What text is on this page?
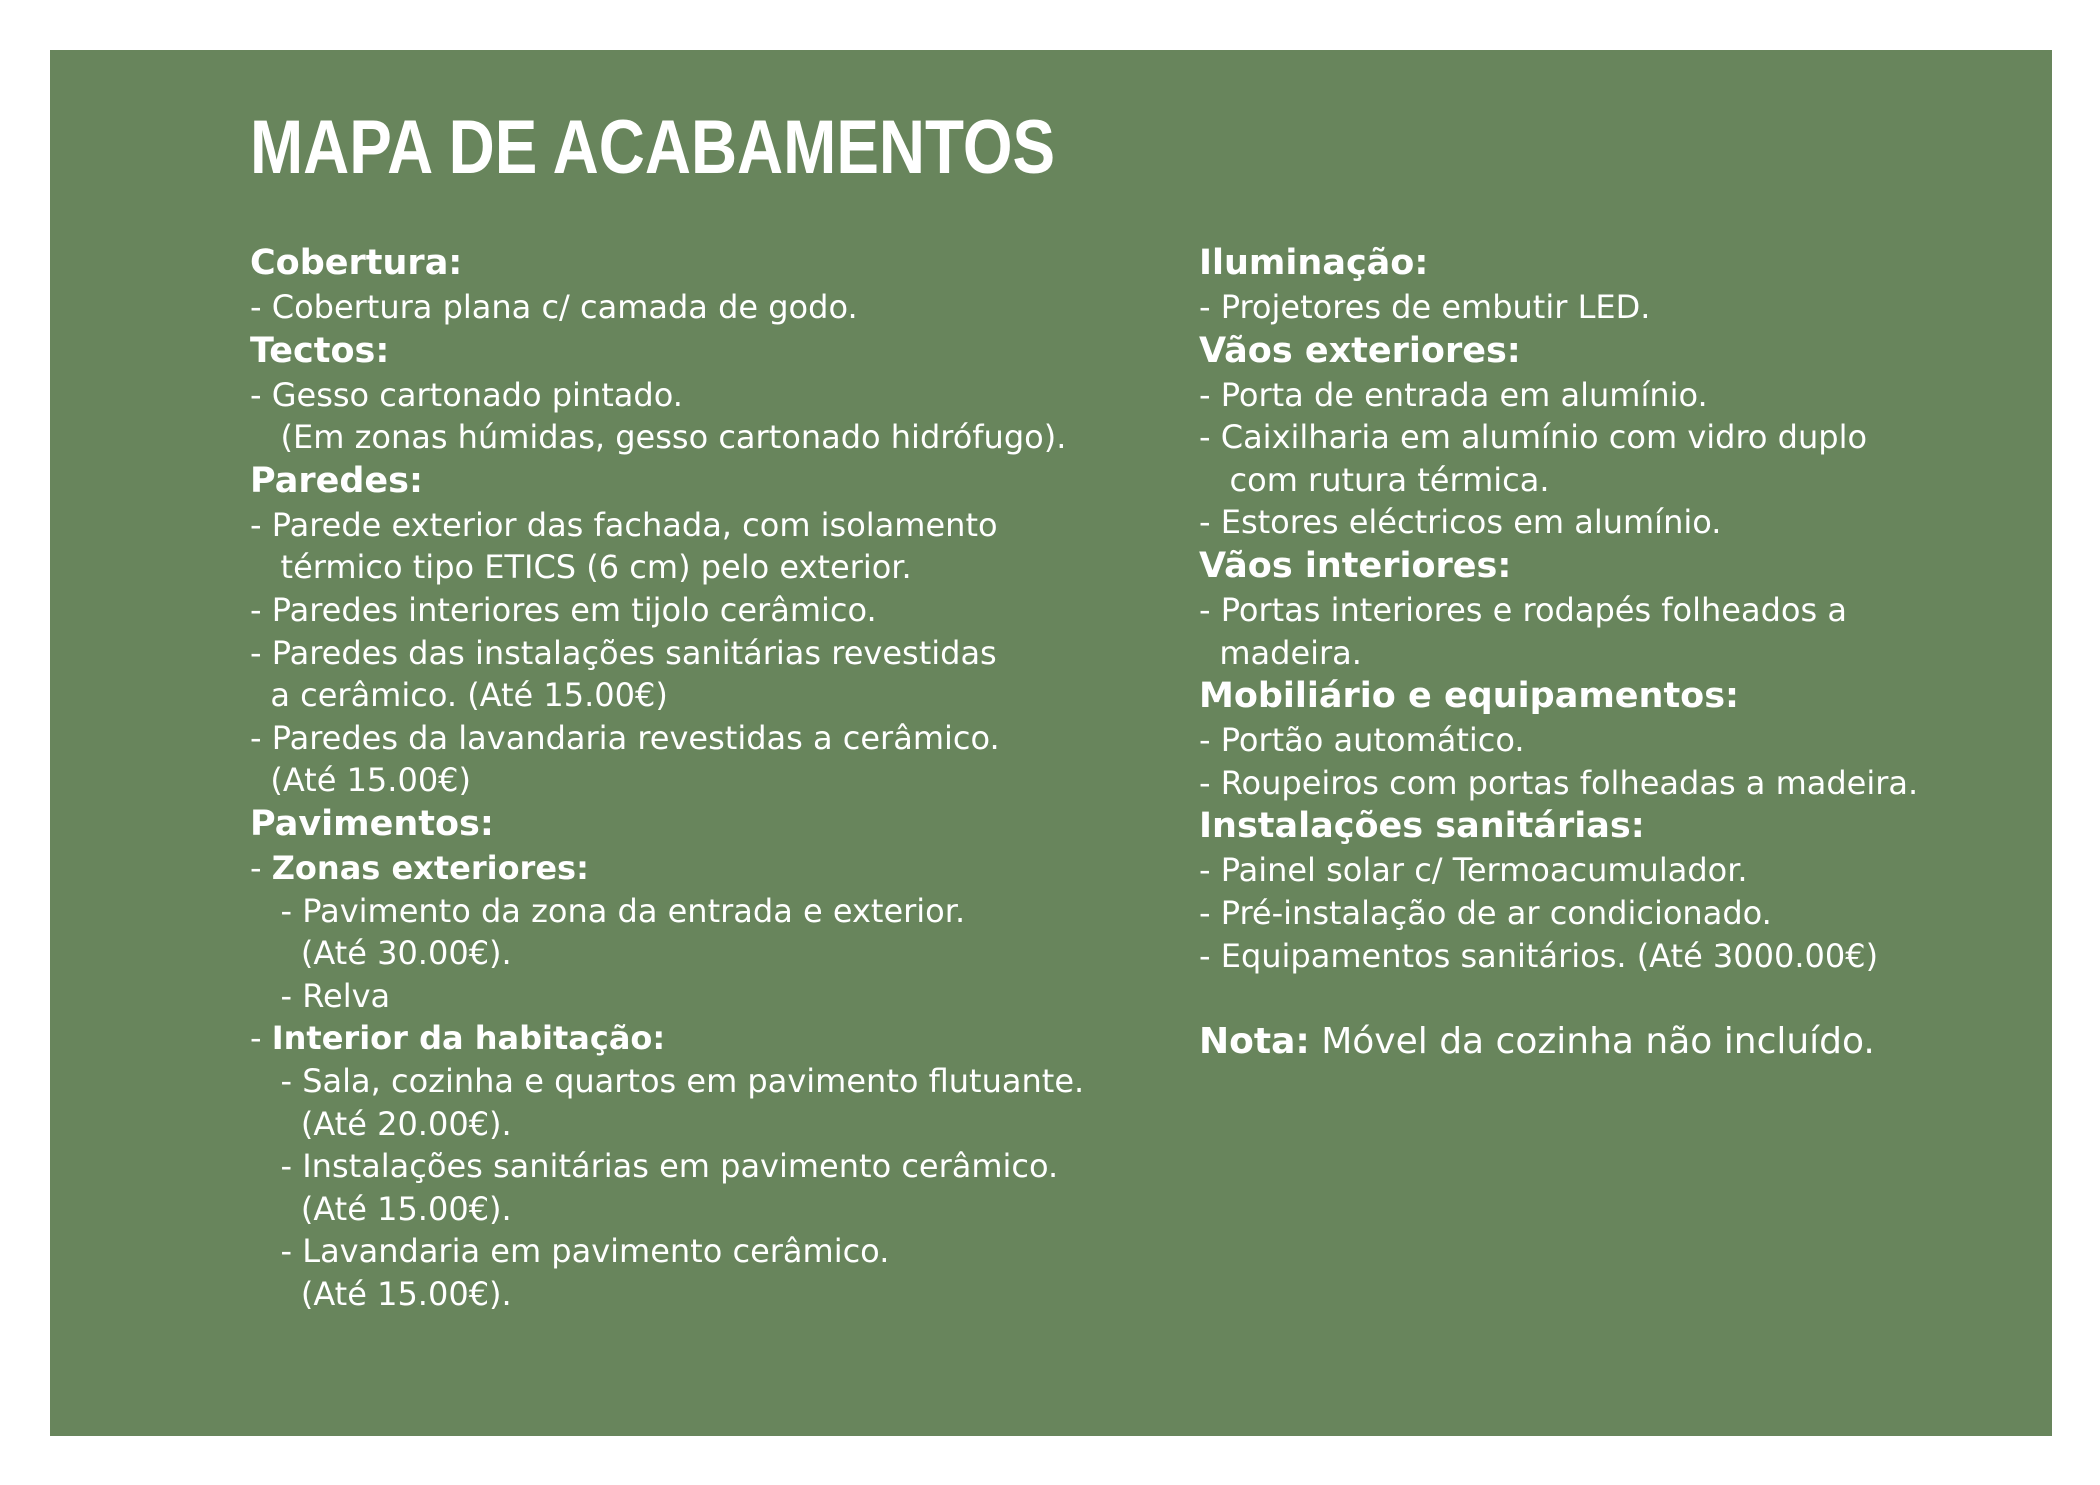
MAPA DE ACABAMENTOS
Cobertura:
- Cobertura plana c/ camada de godo.
Tectos:
- Gesso cartonado pintado.
(Em zonas húmidas, gesso cartonado hidrófugo).
Paredes:
- Parede exterior das fachada, com isolamento
térmico tipo ETICS (6 cm) pelo exterior.
- Paredes interiores em tijolo cerâmico.
- Paredes das instalações sanitárias revestidas
a cerâmico. (Até 15.00€)
- Paredes da lavandaria revestidas a cerâmico.
(Até 15.00€)
Pavimentos:
- Zonas exteriores:
- Pavimento da zona da entrada e exterior.
(Até 30.00€).
- Relva
- Interior da habitação:
- Sala, cozinha e quartos em pavimento flutuante.
(Até 20.00€).
- Instalações sanitárias em pavimento cerâmico.
(Até 15.00€).
- Lavandaria em pavimento cerâmico.
(Até 15.00€).
Iluminação:
- Projetores de embutir LED.
Vãos exteriores:
- Porta de entrada em alumínio.
- Caixilharia em alumínio com vidro duplo
com rutura térmica.
- Estores eléctricos em alumínio.
Vãos interiores:
- Portas interiores e rodapés folheados a
madeira.
Mobiliário e equipamentos:
- Portão automático.
- Roupeiros com portas folheadas a madeira.
Instalações sanitárias:
- Painel solar c/ Termoacumulador.
- Pré-instalação de ar condicionado.
- Equipamentos sanitários. (Até 3000.00€)
Nota: Móvel da cozinha não incluído.
